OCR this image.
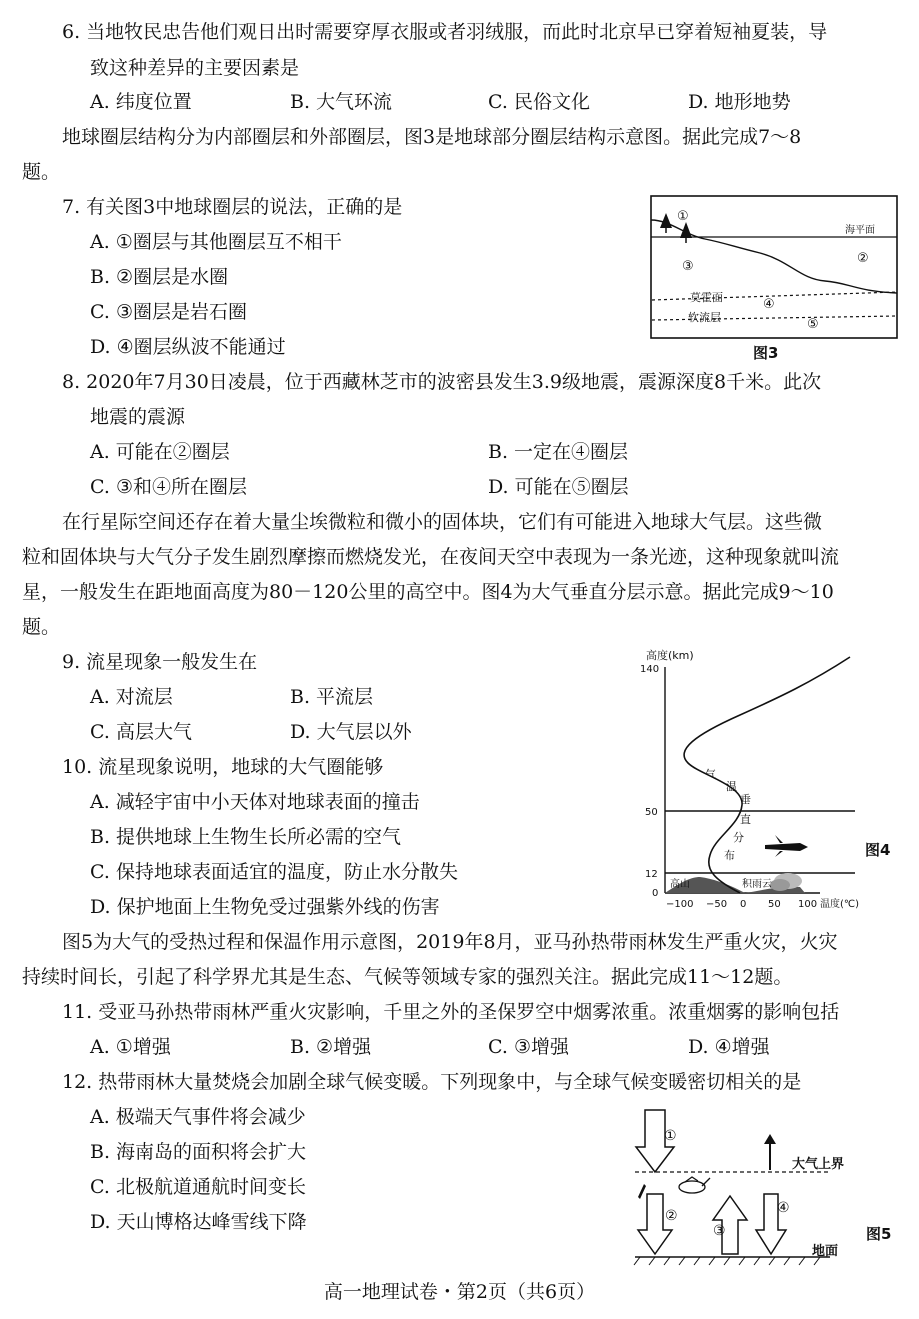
6. 当地牧民忠告他们观日出时需要穿厚衣服或者羽绒服，而此时北京早已穿着短袖夏装，导
致这种差异的主要因素是
A. 纬度位置	B. 大气环流	C. 民俗文化	D. 地形地势
地球圈层结构分为内部圈层和外部圈层，图3是地球部分圈层结构示意图。据此完成7～8
题。
7. 有关图3中地球圈层的说法，正确的是
A. ①圈层与其他圈层互不相干
B. ②圈层是水圈
C. ③圈层是岩石圈
D. ④圈层纵波不能通过
①
海平面
③
②
莫霍面	④
软流层	⑤
图3
8. 2020年7月30日凌晨，位于西藏林芝市的波密县发生3.9级地震，震源深度8千米。此次
地震的震源
A. 可能在②圈层	B. 一定在④圈层
C. ③和④所在圈层	D. 可能在⑤圈层
在行星际空间还存在着大量尘埃微粒和微小的固体块，它们有可能进入地球大气层。这些微
粒和固体块与大气分子发生剧烈摩擦而燃烧发光，在夜间天空中表现为一条光迹，这种现象就叫流
星，一般发生在距地面高度为80－120公里的高空中。图4为大气垂直分层示意。据此完成9～10
题。
9. 流星现象一般发生在
A. 对流层	B. 平流层
C. 高层大气	D. 大气层以外
10. 流星现象说明，地球的大气圈能够
A. 减轻宇宙中小天体对地球表面的撞击
B. 提供地球上生物生长所必需的空气
C. 保持地球表面适宜的温度，防止水分散失
D. 保护地面上生物免受过强紫外线的伤害
高度(km)
140
50
12
0
气
温
垂
直
分
布
高山	积雨云
−100 −50 0 50 100 温度(℃)
图4
图5为大气的受热过程和保温作用示意图，2019年8月，亚马孙热带雨林发生严重火灾，火灾
持续时间长，引起了科学界尤其是生态、气候等领域专家的强烈关注。据此完成11～12题。
11. 受亚马孙热带雨林严重火灾影响，千里之外的圣保罗空中烟雾浓重。浓重烟雾的影响包括
A. ①增强	B. ②增强	C. ③增强	D. ④增强
12. 热带雨林大量焚烧会加剧全球气候变暖。下列现象中，与全球气候变暖密切相关的是
A. 极端天气事件将会减少
B. 海南岛的面积将会扩大
C. 北极航道通航时间变长
D. 天山博格达峰雪线下降
①
②
③
④
大气上界
地面
图5
高一地理试卷・第2页（共6页）
